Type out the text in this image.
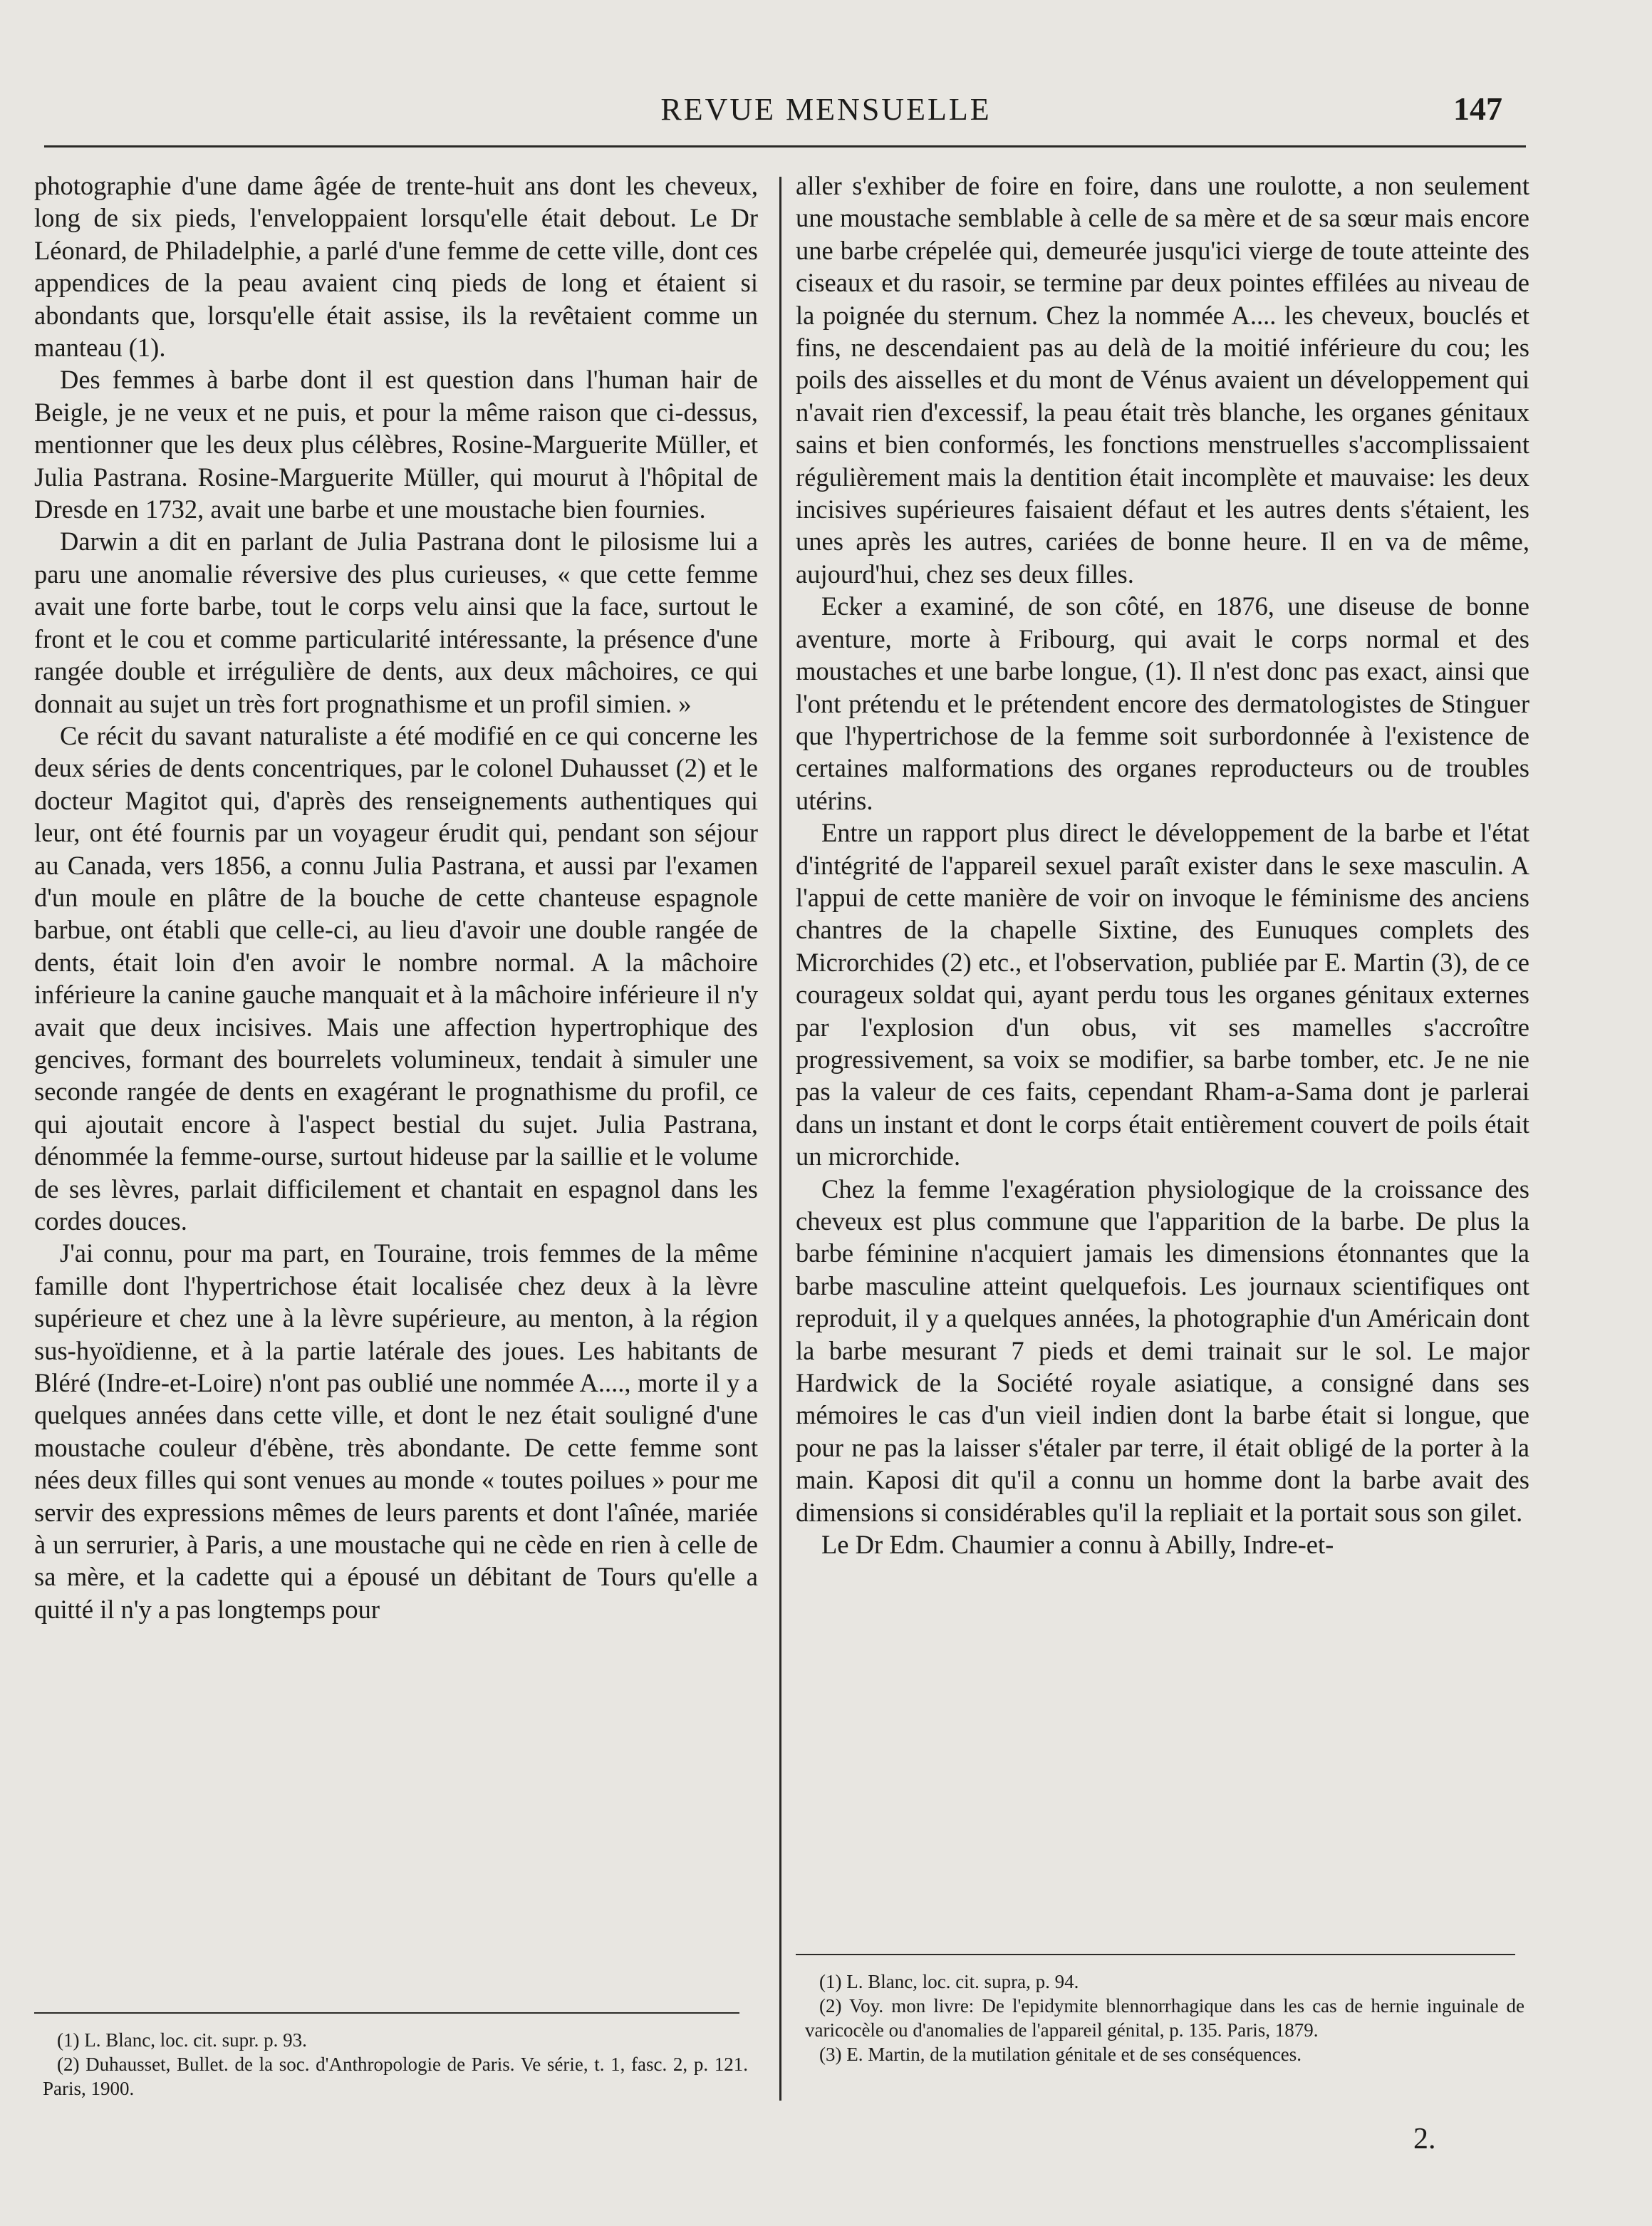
REVUE MENSUELLE	147

photographie d'une dame âgée de trente-huit ans dont les cheveux, long de six pieds, l'enveloppaient lorsqu'elle était debout. Le Dr Léonard, de Philadelphie, a parlé d'une femme de cette ville, dont ces appendices de la peau avaient cinq pieds de long et étaient si abondants que, lorsqu'elle était assise, ils la revêtaient comme un manteau (1).

Des femmes à barbe dont il est question dans l'human hair de Beigle, je ne veux et ne puis, et pour la même raison que ci-dessus, mentionner que les deux plus célèbres, Rosine-Marguerite Müller, et Julia Pastrana. Rosine-Marguerite Müller, qui mourut à l'hôpital de Dresde en 1732, avait une barbe et une moustache bien fournies.

Darwin a dit en parlant de Julia Pastrana dont le pilosisme lui a paru une anomalie réversive des plus curieuses, « que cette femme avait une forte barbe, tout le corps velu ainsi que la face, surtout le front et le cou et comme particularité intéressante, la présence d'une rangée double et irrégulière de dents, aux deux mâchoires, ce qui donnait au sujet un très fort prognathisme et un profil simien. »

Ce récit du savant naturaliste a été modifié en ce qui concerne les deux séries de dents concentriques, par le colonel Duhausset (2) et le docteur Magitot qui, d'après des renseignements authentiques qui leur, ont été fournis par un voyageur érudit qui, pendant son séjour au Canada, vers 1856, a connu Julia Pastrana, et aussi par l'examen d'un moule en plâtre de la bouche de cette chanteuse espagnole barbue, ont établi que celle-ci, au lieu d'avoir une double rangée de dents, était loin d'en avoir le nombre normal. A la mâchoire inférieure la canine gauche manquait et à la mâchoire inférieure il n'y avait que deux incisives. Mais une affection hypertrophique des gencives, formant des bourrelets volumineux, tendait à simuler une seconde rangée de dents en exagérant le prognathisme du profil, ce qui ajoutait encore à l'aspect bestial du sujet. Julia Pastrana, dénommée la femme-ourse, surtout hideuse par la saillie et le volume de ses lèvres, parlait difficilement et chantait en espagnol dans les cordes douces.

J'ai connu, pour ma part, en Touraine, trois femmes de la même famille dont l'hypertrichose était localisée chez deux à la lèvre supérieure et chez une à la lèvre supérieure, au menton, à la région sus-hyoïdienne, et à la partie latérale des joues. Les habitants de Bléré (Indre-et-Loire) n'ont pas oublié une nommée A...., morte il y a quelques années dans cette ville, et dont le nez était souligné d'une moustache couleur d'ébène, très abondante. De cette femme sont nées deux filles qui sont venues au monde « toutes poilues » pour me servir des expressions mêmes de leurs parents et dont l'aînée, mariée à un serrurier, à Paris, a une moustache qui ne cède en rien à celle de sa mère, et la cadette qui a épousé un débitant de Tours qu'elle a quitté il n'y a pas longtemps pour

aller s'exhiber de foire en foire, dans une roulotte, a non seulement une moustache semblable à celle de sa mère et de sa sœur mais encore une barbe crépelée qui, demeurée jusqu'ici vierge de toute atteinte des ciseaux et du rasoir, se termine par deux pointes effilées au niveau de la poignée du sternum. Chez la nommée A.... les cheveux, bouclés et fins, ne descendaient pas au delà de la moitié inférieure du cou; les poils des aisselles et du mont de Vénus avaient un développement qui n'avait rien d'excessif, la peau était très blanche, les organes génitaux sains et bien conformés, les fonctions menstruelles s'accomplissaient régulièrement mais la dentition était incomplète et mauvaise: les deux incisives supérieures faisaient défaut et les autres dents s'étaient, les unes après les autres, cariées de bonne heure. Il en va de même, aujourd'hui, chez ses deux filles.

Ecker a examiné, de son côté, en 1876, une diseuse de bonne aventure, morte à Fribourg, qui avait le corps normal et des moustaches et une barbe longue, (1). Il n'est donc pas exact, ainsi que l'ont prétendu et le prétendent encore des dermatologistes de Stinguer que l'hypertrichose de la femme soit surbordonnée à l'existence de certaines malformations des organes reproducteurs ou de troubles utérins.

Entre un rapport plus direct le développement de la barbe et l'état d'intégrité de l'appareil sexuel paraît exister dans le sexe masculin. A l'appui de cette manière de voir on invoque le féminisme des anciens chantres de la chapelle Sixtine, des Eunuques complets des Microrchides (2) etc., et l'observation, publiée par E. Martin (3), de ce courageux soldat qui, ayant perdu tous les organes génitaux externes par l'explosion d'un obus, vit ses mamelles s'accroître progressivement, sa voix se modifier, sa barbe tomber, etc. Je ne nie pas la valeur de ces faits, cependant Rham-a-Sama dont je parlerai dans un instant et dont le corps était entièrement couvert de poils était un microrchide.

Chez la femme l'exagération physiologique de la croissance des cheveux est plus commune que l'apparition de la barbe. De plus la barbe féminine n'acquiert jamais les dimensions étonnantes que la barbe masculine atteint quelquefois. Les journaux scientifiques ont reproduit, il y a quelques années, la photographie d'un Américain dont la barbe mesurant 7 pieds et demi trainait sur le sol. Le major Hardwick de la Société royale asiatique, a consigné dans ses mémoires le cas d'un vieil indien dont la barbe était si longue, que pour ne pas la laisser s'étaler par terre, il était obligé de la porter à la main. Kaposi dit qu'il a connu un homme dont la barbe avait des dimensions si considérables qu'il la repliait et la portait sous son gilet.

Le Dr Edm. Chaumier a connu à Abilly, Indre-et-

(1) L. Blanc, loc. cit. supr. p. 93.
(2) Duhausset, Bullet. de la soc. d'Anthropologie de Paris. Ve série, t. 1, fasc. 2, p. 121. Paris, 1900.
(1) L. Blanc, loc. cit. supra, p. 94.
(2) Voy. mon livre: De l'epidymite blennorrhagique dans les cas de hernie inguinale de varicocèle ou d'anomalies de l'appareil génital, p. 135. Paris, 1879.
(3) E. Martin, de la mutilation génitale et de ses conséquences.
2.
